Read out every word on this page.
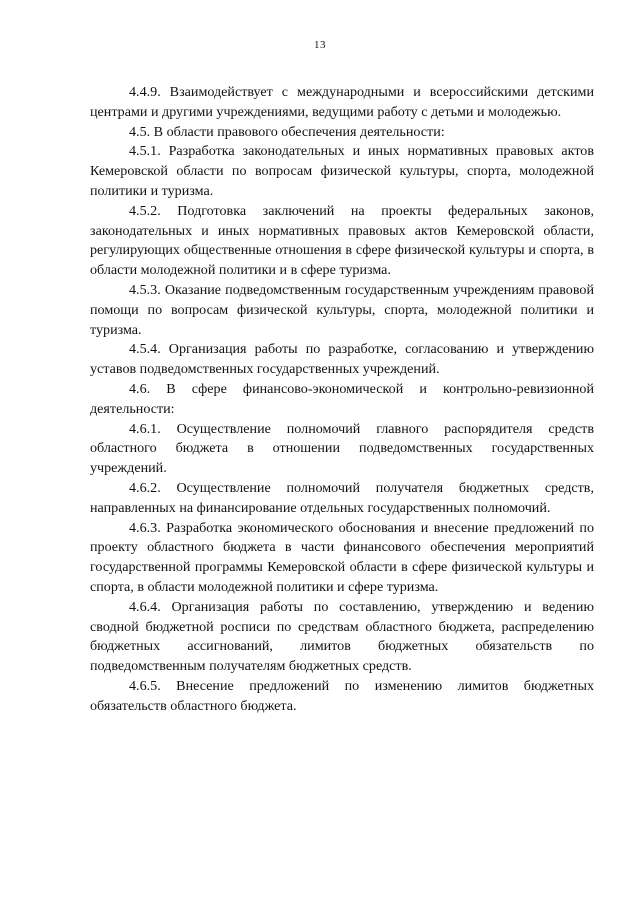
13

4.4.9. Взаимодействует с международными и всероссийскими детскими центрами и другими учреждениями, ведущими работу с детьми и молодежью.

4.5. В области правового обеспечения деятельности:

4.5.1. Разработка законодательных и иных нормативных правовых актов Кемеровской области по вопросам физической культуры, спорта, молодежной политики и туризма.

4.5.2. Подготовка заключений на проекты федеральных законов, законодательных и иных нормативных правовых актов Кемеровской области, регулирующих общественные отношения в сфере физической культуры и спорта, в области молодежной политики и в сфере туризма.

4.5.3. Оказание подведомственным государственным учреждениям правовой помощи по вопросам физической культуры, спорта, молодежной политики и туризма.

4.5.4. Организация работы по разработке, согласованию и утверждению уставов подведомственных государственных учреждений.

4.6. В сфере финансово-экономической и контрольно-ревизионной деятельности:

4.6.1. Осуществление полномочий главного распорядителя средств областного бюджета в отношении подведомственных государственных учреждений.

4.6.2. Осуществление полномочий получателя бюджетных средств, направленных на финансирование отдельных государственных полномочий.

4.6.3. Разработка экономического обоснования и внесение предложений по проекту областного бюджета в части финансового обеспечения мероприятий государственной программы Кемеровской области в сфере физической культуры и спорта, в области молодежной политики и сфере туризма.

4.6.4. Организация работы по составлению, утверждению и ведению сводной бюджетной росписи по средствам областного бюджета, распределению бюджетных ассигнований, лимитов бюджетных обязательств по подведомственным получателям бюджетных средств.

4.6.5. Внесение предложений по изменению лимитов бюджетных обязательств областного бюджета.
